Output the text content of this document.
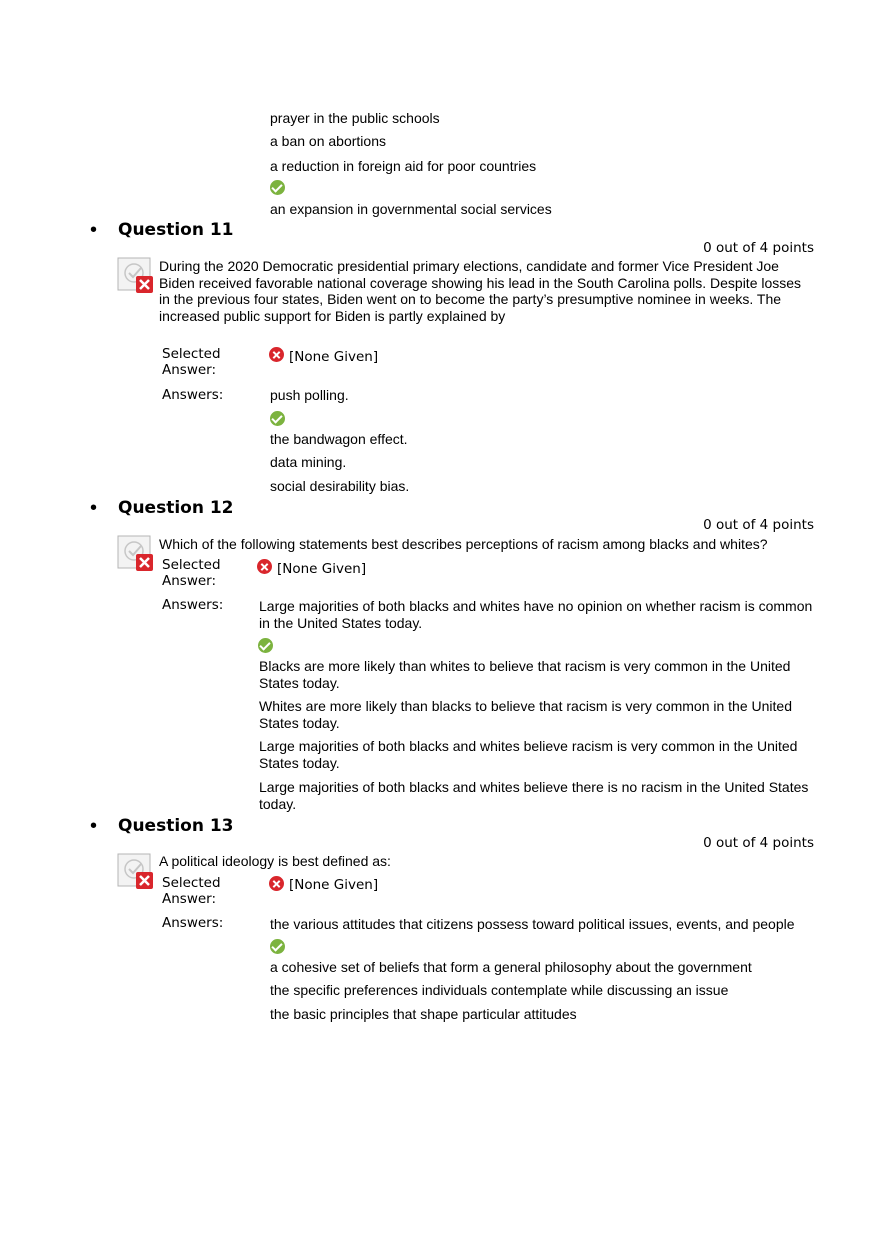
prayer in the public schools
a ban on abortions
a reduction in foreign aid for poor countries
an expansion in governmental social services
• Question 11
0 out of 4 points
During the 2020 Democratic presidential primary elections, candidate and former Vice President Joe
Biden received favorable national coverage showing his lead in the South Carolina polls. Despite losses
in the previous four states, Biden went on to become the party’s presumptive nominee in weeks. The
increased public support for Biden is partly explained by
Selected
Answer:
[None Given]
Answers:	push polling.
the bandwagon effect.
data mining.
social desirability bias.
• Question 12
0 out of 4 points
Which of the following statements best describes perceptions of racism among blacks and whites?
Selected
Answer:
[None Given]
Answers:	Large majorities of both blacks and whites have no opinion on whether racism is common
in the United States today.
Blacks are more likely than whites to believe that racism is very common in the United
States today.
Whites are more likely than blacks to believe that racism is very common in the United
States today.
Large majorities of both blacks and whites believe racism is very common in the United
States today.
Large majorities of both blacks and whites believe there is no racism in the United States
today.
• Question 13
0 out of 4 points
A political ideology is best defined as:
Selected
Answer:
[None Given]
Answers:	the various attitudes that citizens possess toward political issues, events, and people
a cohesive set of beliefs that form a general philosophy about the government
the specific preferences individuals contemplate while discussing an issue
the basic principles that shape particular attitudes
